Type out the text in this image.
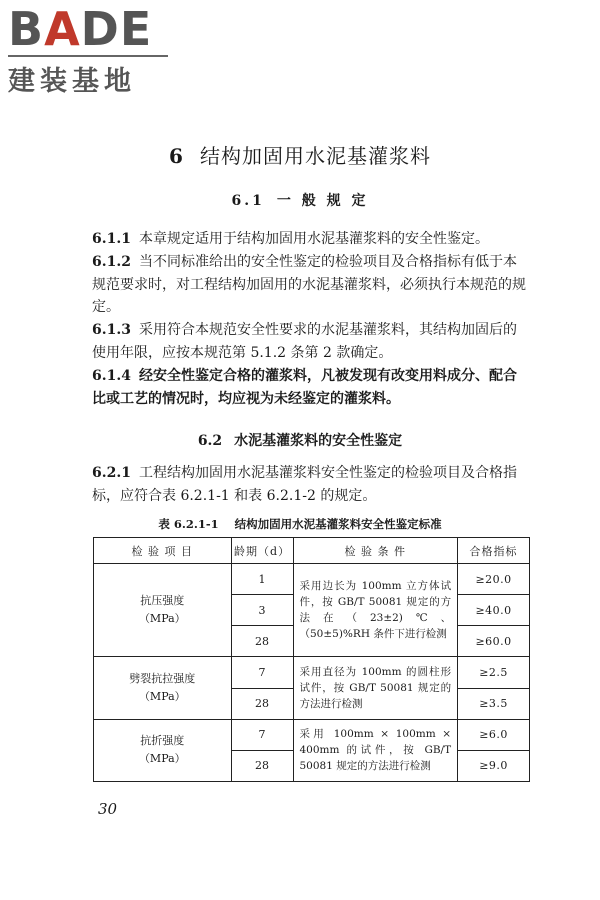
BADE
建装基地
6 结构加固用水泥基灌浆料
6.1 一 般 规 定

6.1.1 本章规定适用于结构加固用水泥基灌浆料的安全性鉴定。

6.1.2 当不同标准给出的安全性鉴定的检验项目及合格指标有低于本规范要求时，对工程结构加固用的水泥基灌浆料，必须执行本规范的规定。

6.1.3 采用符合本规范安全性要求的水泥基灌浆料，其结构加固后的使用年限，应按本规范第 5.1.2 条第 2 款确定。

6.1.4 经安全性鉴定合格的灌浆料，凡被发现有改变用料成分、配合比或工艺的情况时，均应视为未经鉴定的灌浆料。

6.2 水泥基灌浆料的安全性鉴定

6.2.1 工程结构加固用水泥基灌浆料安全性鉴定的检验项目及合格指标，应符合表 6.2.1-1 和表 6.2.1-2 的规定。

表 6.2.1-1 结构加固用水泥基灌浆料安全性鉴定标准

检 验 项 目	龄期（d）	检 验 条 件	合格指标
抗压强度
（MPa）	1	采用边长为 100mm 立方体试件，按 GB/T 50081 规定的方法在（23±2)℃、（50±5)%RH 条件下进行检测	≥20.0
	3		≥40.0
	28		≥60.0
劈裂抗拉强度
（MPa）	7	采用直径为 100mm 的圆柱形试件，按 GB/T 50081 规定的方法进行检测	≥2.5
	28		≥3.5
抗折强度
（MPa）	7	采用 100mm × 100mm × 400mm 的试件，按 GB/T 50081 规定的方法进行检测	≥6.0
	28		≥9.0

30
